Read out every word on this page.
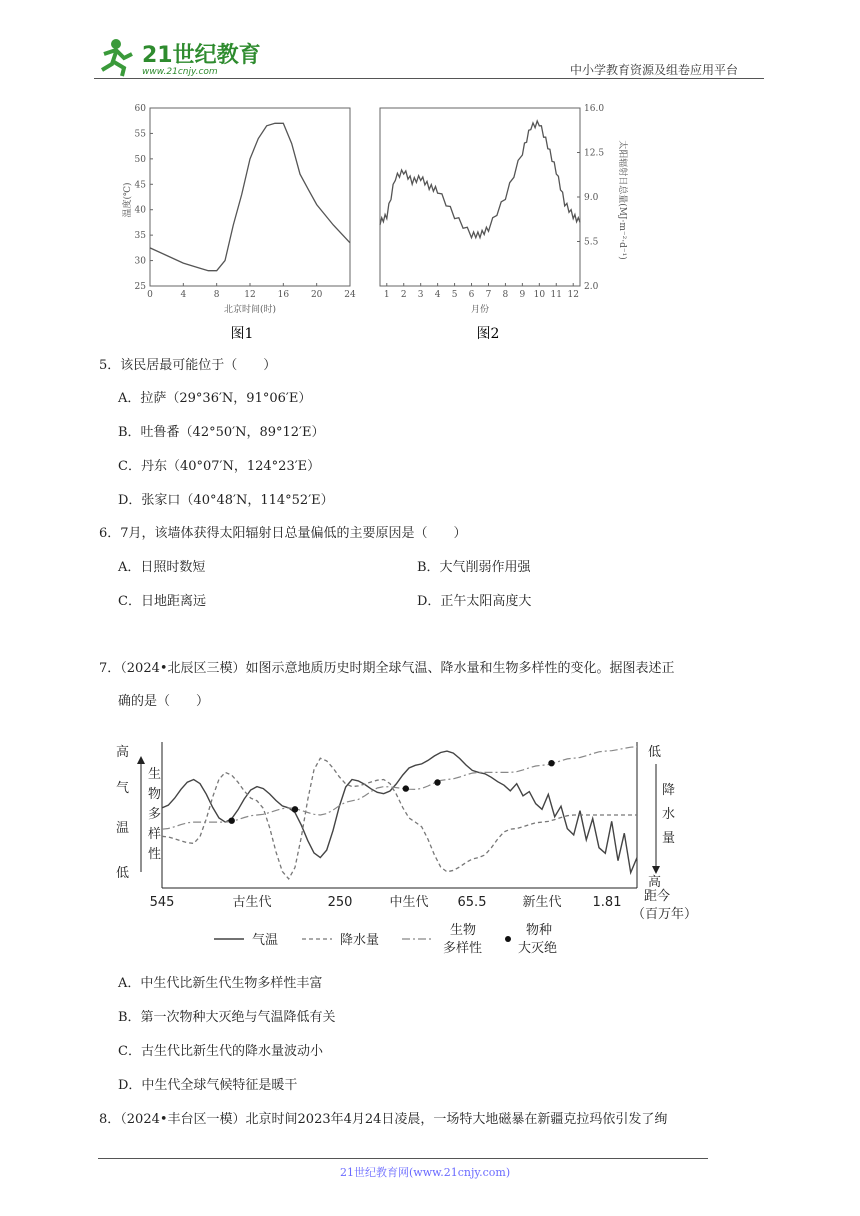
21世纪教育
www.21cnjy.com	中小学教育资源及组卷应用平台
25
30
35
40
45
50
55
60
0	4	8	12 16 20 24
北京时间(时)
温度(℃)
图1
2.0
5.5
9.0
12.5
16.0
1 2 3 4 5 6 7 8 9 10 11 12
月份
太阳辐射日总量(MJ·m⁻²·d⁻¹)
图2
5．该民居最可能位于（　　）
A．拉萨（29°36′N，91°06′E）
B．吐鲁番（42°50′N，89°12′E）
C．丹东（40°07′N，124°23′E）
D．张家口（40°48′N，114°52′E）
6．7月，该墙体获得太阳辐射日总量偏低的主要原因是（　　）
A．日照时数短	B．大气削弱作用强
C．日地距离远	D．正午太阳高度大
7．（2024•北辰区三模）如图示意地质历史时期全球气温、降水量和生物多样性的变化。据图表述正
确的是（　　）
高
低
气
温
生
物
多
样
性
低
降
水
量
高
距今
（百万年）
545	古生代	250	中生代 65.5	新生代 1.81
气温	降水量
生物
多样性
物种
大灭绝
A．中生代比新生代生物多样性丰富
B．第一次物种大灭绝与气温降低有关
C．古生代比新生代的降水量波动小
D．中生代全球气候特征是暖干
8．（2024•丰台区一模）北京时间2023年4月24日凌晨，一场特大地磁暴在新疆克拉玛依引发了绚
21世纪教育网(www.21cnjy.com)
